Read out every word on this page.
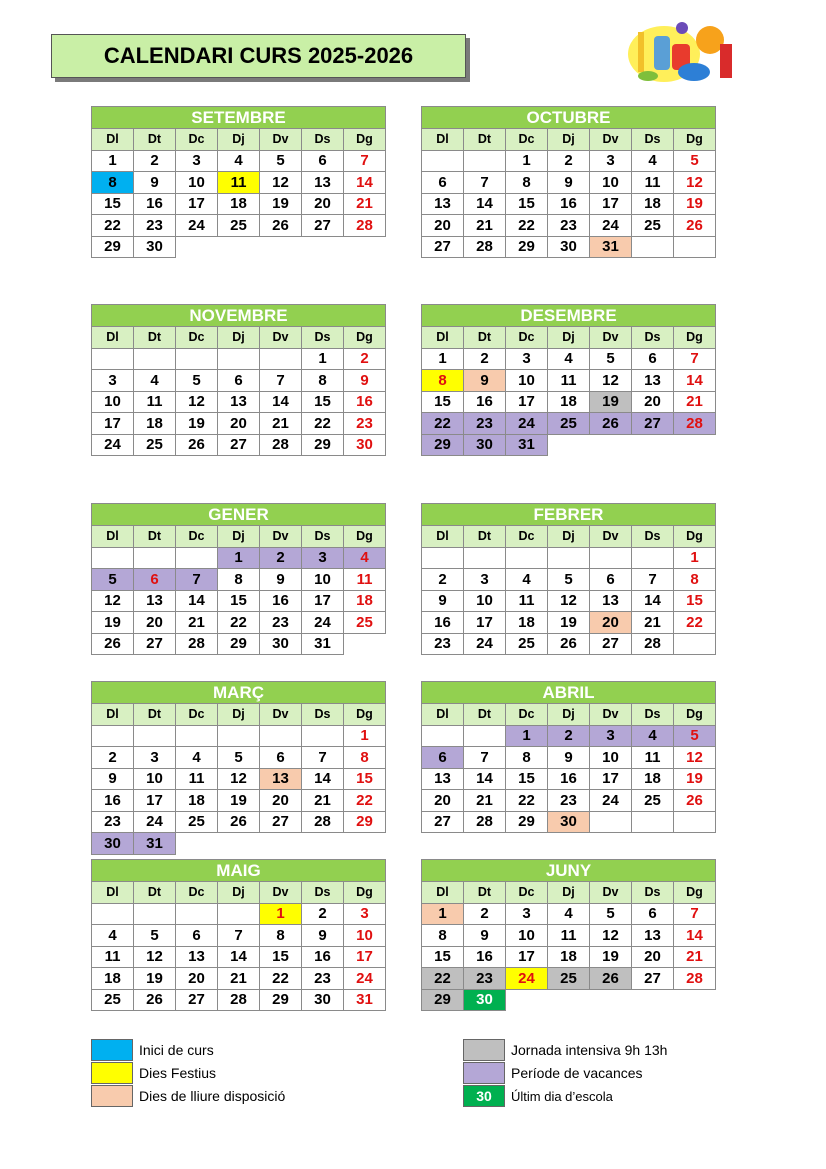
CALENDARI CURS 2025-2026
SETEMBRE						
Dl	Dt	Dc	Dj	Dv	Ds	Dg
1	2	3	4	5	6	7
8	9	10	11	12	13	14
15	16	17	18	19	20	21
22	23	24	25	26	27	28
29	30					
OCTUBRE						
Dl	Dt	Dc	Dj	Dv	Ds	Dg
		1	2	3	4	5
6	7	8	9	10	11	12
13	14	15	16	17	18	19
20	21	22	23	24	25	26
27	28	29	30	31		
NOVEMBRE						
Dl	Dt	Dc	Dj	Dv	Ds	Dg
					1	2
3	4	5	6	7	8	9
10	11	12	13	14	15	16
17	18	19	20	21	22	23
24	25	26	27	28	29	30
DESEMBRE						
Dl	Dt	Dc	Dj	Dv	Ds	Dg
1	2	3	4	5	6	7
8	9	10	11	12	13	14
15	16	17	18	19	20	21
22	23	24	25	26	27	28
29	30	31				
GENER						
Dl	Dt	Dc	Dj	Dv	Ds	Dg
			1	2	3	4
5	6	7	8	9	10	11
12	13	14	15	16	17	18
19	20	21	22	23	24	25
26	27	28	29	30	31	
FEBRER						
Dl	Dt	Dc	Dj	Dv	Ds	Dg
						1
2	3	4	5	6	7	8
9	10	11	12	13	14	15
16	17	18	19	20	21	22
23	24	25	26	27	28	
MARÇ						
Dl	Dt	Dc	Dj	Dv	Ds	Dg
						1
2	3	4	5	6	7	8
9	10	11	12	13	14	15
16	17	18	19	20	21	22
23	24	25	26	27	28	29
30	31					
ABRIL						
Dl	Dt	Dc	Dj	Dv	Ds	Dg
		1	2	3	4	5
6	7	8	9	10	11	12
13	14	15	16	17	18	19
20	21	22	23	24	25	26
27	28	29	30			
MAIG						
Dl	Dt	Dc	Dj	Dv	Ds	Dg
				1	2	3
4	5	6	7	8	9	10
11	12	13	14	15	16	17
18	19	20	21	22	23	24
25	26	27	28	29	30	31
JUNY						
Dl	Dt	Dc	Dj	Dv	Ds	Dg
1	2	3	4	5	6	7
8	9	10	11	12	13	14
15	16	17	18	19	20	21
22	23	24	25	26	27	28
29	30					
Inici de curs
Dies Festius
Dies de lliure disposició
Jornada intensiva 9h 13h
Període de vacances
30	Últim dia d’escola
